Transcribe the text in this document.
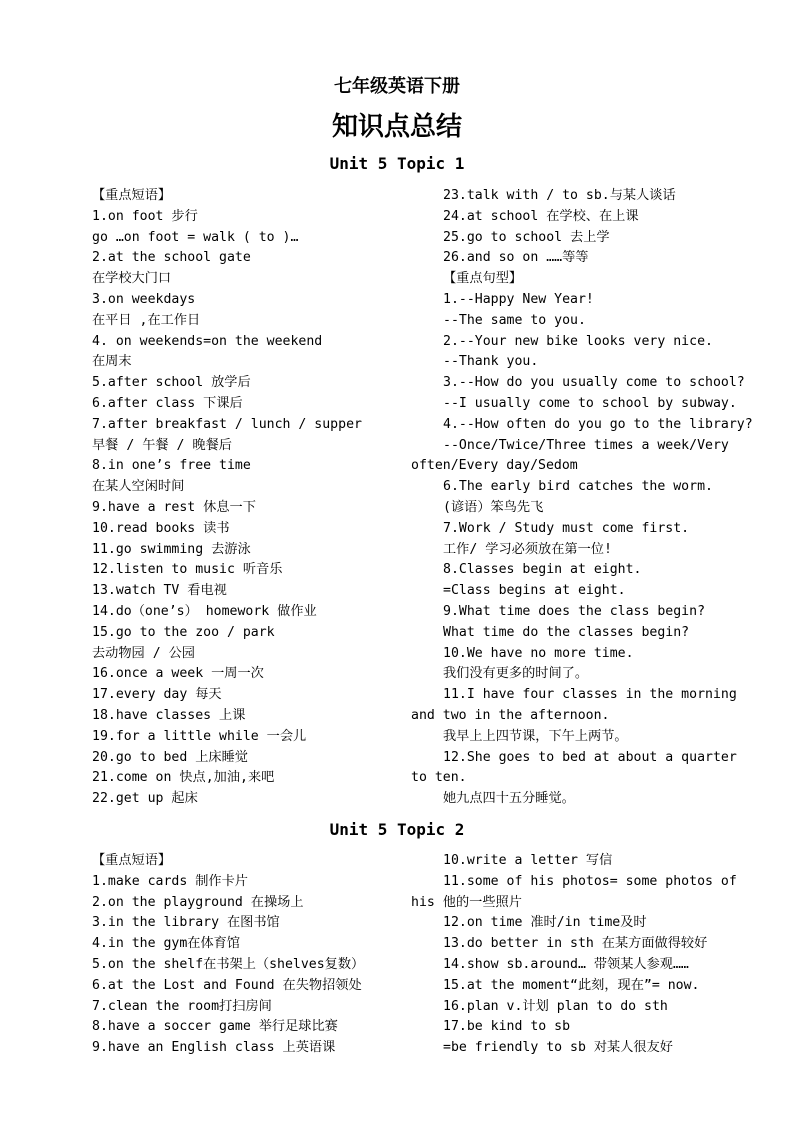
七年级英语下册
知识点总结
Unit 5 Topic 1
【重点短语】
1.on foot 步行
go …on foot = walk ( to )…
2.at the school gate
在学校大门口
3.on weekdays
在平日 ,在工作日
4. on weekends=on the weekend
在周末
5.after school 放学后
6.after class 下课后
7.after breakfast / lunch / supper
早餐 / 午餐 / 晚餐后
8.in one’s free time
在某人空闲时间
9.have a rest 休息一下
10.read books 读书
11.go swimming 去游泳
12.listen to music 听音乐
13.watch TV 看电视
14.do（one’s） homework 做作业
15.go to the zoo / park
去动物园 / 公园
16.once a week 一周一次
17.every day 每天
18.have classes 上课
19.for a little while 一会儿
20.go to bed 上床睡觉
21.come on 快点,加油,来吧
22.get up 起床
23.talk with / to sb.与某人谈话
24.at school 在学校、在上课
25.go to school 去上学
26.and so on ……等等
【重点句型】
1.--Happy New Year!
--The same to you.
2.--Your new bike looks very nice.
--Thank you.
3.--How do you usually come to school?
--I usually come to school by subway.
4.--How often do you go to the library?
--Once/Twice/Three times a week/Very often/Every day/Sedom
6.The early bird catches the worm.
(谚语）笨鸟先飞
7.Work / Study must come first.
工作/ 学习必须放在第一位!
8.Classes begin at eight.
=Class begins at eight.
9.What time does the class begin?
What time do the classes begin?
10.We have no more time.
我们没有更多的时间了。
11.I have four classes in the morning and two in the afternoon.
我早上上四节课，下午上两节。
12.She goes to bed at about a quarter to ten.
她九点四十五分睡觉。
Unit 5 Topic 2
【重点短语】
1.make cards 制作卡片
2.on the playground 在操场上
3.in the library 在图书馆
4.in the gym在体育馆
5.on the shelf在书架上（shelves复数）
6.at the Lost and Found 在失物招领处
7.clean the room打扫房间
8.have a soccer game 举行足球比赛
9.have an English class 上英语课
10.write a letter 写信
11.some of his photos= some photos of his 他的一些照片
12.on time 准时/in time及时
13.do better in sth 在某方面做得较好
14.show sb.around… 带领某人参观……
15.at the moment“此刻，现在”= now.
16.plan v.计划 plan to do sth
17.be kind to sb
=be friendly to sb 对某人很友好
